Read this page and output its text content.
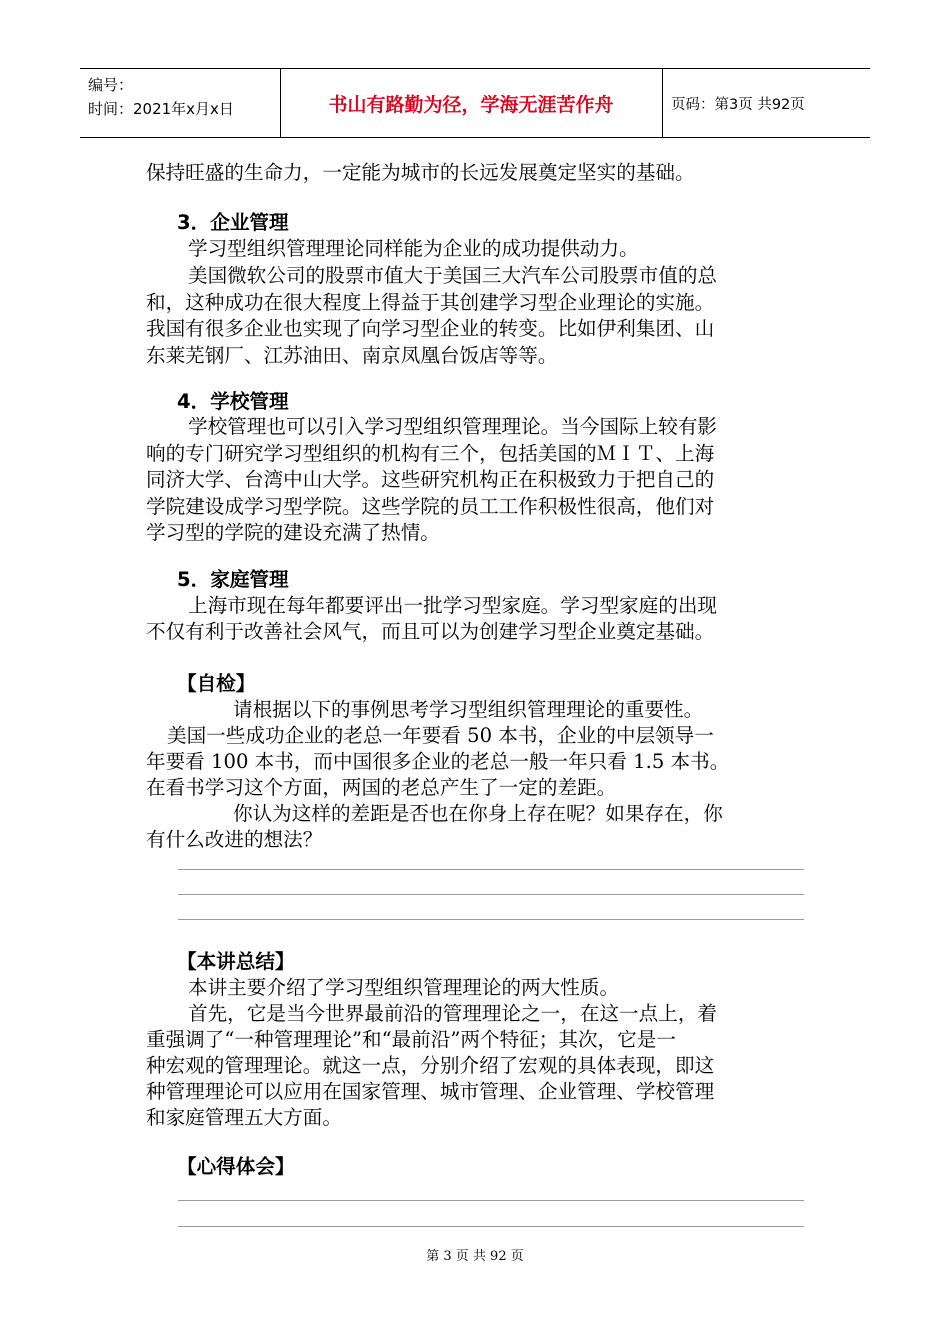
编号：
时间：2021年x月x日	书山有路勤为径，学海无涯苦作舟	页码：第3页 共92页
保持旺盛的生命力，一定能为城市的长远发展奠定坚实的基础。
3．企业管理
学习型组织管理理论同样能为企业的成功提供动力。
美国微软公司的股票市值大于美国三大汽车公司股票市值的总
和，这种成功在很大程度上得益于其创建学习型企业理论的实施。
我国有很多企业也实现了向学习型企业的转变。比如伊利集团、山
东莱芜钢厂、江苏油田、南京凤凰台饭店等等。
4．学校管理
学校管理也可以引入学习型组织管理理论。当今国际上较有影
响的专门研究学习型组织的机构有三个，包括美国的ＭＩＴ、上海
同济大学、台湾中山大学。这些研究机构正在积极致力于把自己的
学院建设成学习型学院。这些学院的员工工作积极性很高，他们对
学习型的学院的建设充满了热情。
5．家庭管理
上海市现在每年都要评出一批学习型家庭。学习型家庭的出现
不仅有利于改善社会风气，而且可以为创建学习型企业奠定基础。
【自检】
请根据以下的事例思考学习型组织管理理论的重要性。
美国一些成功企业的老总一年要看 50 本书，企业的中层领导一
年要看 100 本书，而中国很多企业的老总一般一年只看 1.5 本书。
在看书学习这个方面，两国的老总产生了一定的差距。
你认为这样的差距是否也在你身上存在呢？如果存在，你
有什么改进的想法？
【本讲总结】
本讲主要介绍了学习型组织管理理论的两大性质。
首先，它是当今世界最前沿的管理理论之一，在这一点上，着
重强调了“一种管理理论”和“最前沿”两个特征；其次，它是一
种宏观的管理理论。就这一点，分别介绍了宏观的具体表现，即这
种管理理论可以应用在国家管理、城市管理、企业管理、学校管理
和家庭管理五大方面。
【心得体会】
第 3 页 共 92 页
